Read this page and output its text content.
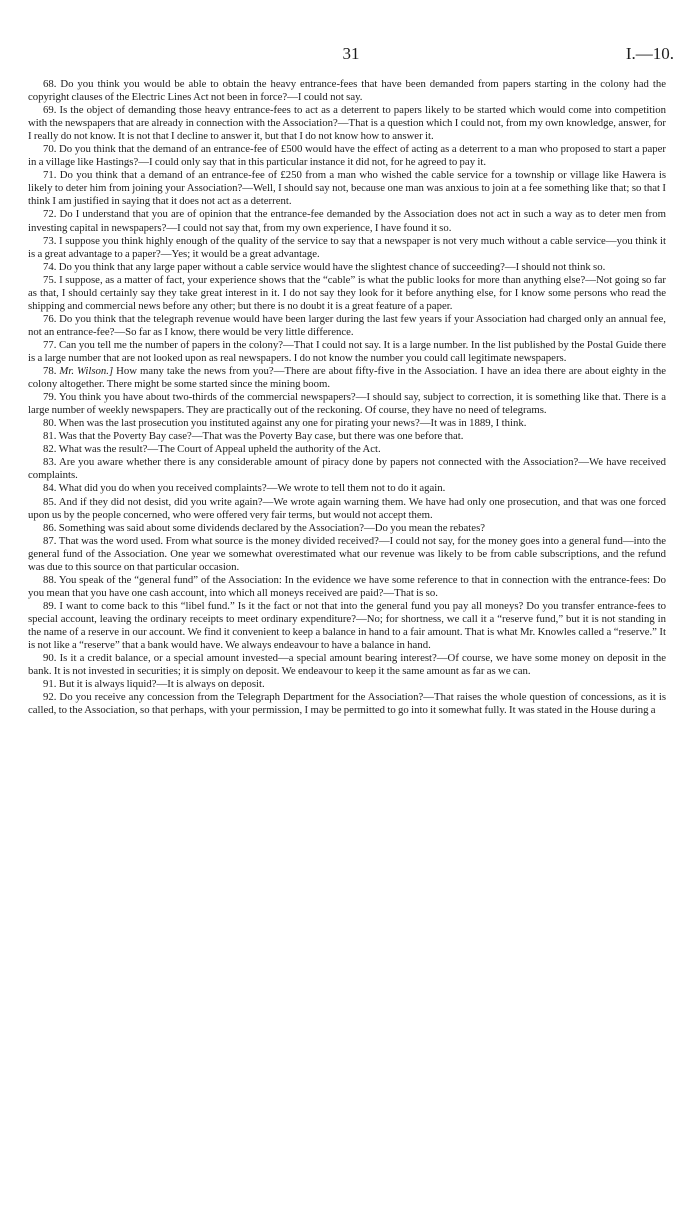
31	I.—10.

68. Do you think you would be able to obtain the heavy entrance-fees that have been demanded from papers starting in the colony had the copyright clauses of the Electric Lines Act not been in force?—I could not say.

69. Is the object of demanding those heavy entrance-fees to act as a deterrent to papers likely to be started which would come into competition with the newspapers that are already in connection with the Association?—That is a question which I could not, from my own knowledge, answer, for I really do not know. It is not that I decline to answer it, but that I do not know how to answer it.

70. Do you think that the demand of an entrance-fee of £500 would have the effect of acting as a deterrent to a man who proposed to start a paper in a village like Hastings?—I could only say that in this particular instance it did not, for he agreed to pay it.

71. Do you think that a demand of an entrance-fee of £250 from a man who wished the cable service for a township or village like Hawera is likely to deter him from joining your Association?—Well, I should say not, because one man was anxious to join at a fee something like that; so that I think I am justified in saying that it does not act as a deterrent.

72. Do I understand that you are of opinion that the entrance-fee demanded by the Association does not act in such a way as to deter men from investing capital in newspapers?—I could not say that, from my own experience, I have found it so.

73. I suppose you think highly enough of the quality of the service to say that a newspaper is not very much without a cable service—you think it is a great advantage to a paper?—Yes; it would be a great advantage.

74. Do you think that any large paper without a cable service would have the slightest chance of succeeding?—I should not think so.

75. I suppose, as a matter of fact, your experience shows that the “cable” is what the public looks for more than anything else?—Not going so far as that, I should certainly say they take great interest in it. I do not say they look for it before anything else, for I know some persons who read the shipping and commercial news before any other; but there is no doubt it is a great feature of a paper.

76. Do you think that the telegraph revenue would have been larger during the last few years if your Association had charged only an annual fee, not an entrance-fee?—So far as I know, there would be very little difference.

77. Can you tell me the number of papers in the colony?—That I could not say. It is a large number. In the list published by the Postal Guide there is a large number that are not looked upon as real newspapers. I do not know the number you could call legitimate newspapers.

78. Mr. Wilson.] How many take the news from you?—There are about fifty-five in the Association. I have an idea there are about eighty in the colony altogether. There might be some started since the mining boom.

79. You think you have about two-thirds of the commercial newspapers?—I should say, subject to correction, it is something like that. There is a large number of weekly newspapers. They are practically out of the reckoning. Of course, they have no need of telegrams.

80. When was the last prosecution you instituted against any one for pirating your news?—It was in 1889, I think.

81. Was that the Poverty Bay case?—That was the Poverty Bay case, but there was one before that.

82. What was the result?—The Court of Appeal upheld the authority of the Act.

83. Are you aware whether there is any considerable amount of piracy done by papers not connected with the Association?—We have received complaints.

84. What did you do when you received complaints?—We wrote to tell them not to do it again.

85. And if they did not desist, did you write again?—We wrote again warning them. We have had only one prosecution, and that was one forced upon us by the people concerned, who were offered very fair terms, but would not accept them.

86. Something was said about some dividends declared by the Association?—Do you mean the rebates?

87. That was the word used. From what source is the money divided received?—I could not say, for the money goes into a general fund—into the general fund of the Association. One year we somewhat overestimated what our revenue was likely to be from cable subscriptions, and the refund was due to this source on that particular occasion.

88. You speak of the “general fund” of the Association: In the evidence we have some reference to that in connection with the entrance-fees: Do you mean that you have one cash account, into which all moneys received are paid?—That is so.

89. I want to come back to this “libel fund.” Is it the fact or not that into the general fund you pay all moneys? Do you transfer entrance-fees to special account, leaving the ordinary receipts to meet ordinary expenditure?—No; for shortness, we call it a “reserve fund,” but it is not standing in the name of a reserve in our account. We find it convenient to keep a balance in hand to a fair amount. That is what Mr. Knowles called a “reserve.” It is not like a “reserve” that a bank would have. We always endeavour to have a balance in hand.

90. Is it a credit balance, or a special amount invested—a special amount bearing interest?—Of course, we have some money on deposit in the bank. It is not invested in securities; it is simply on deposit. We endeavour to keep it the same amount as far as we can.

91. But it is always liquid?—It is always on deposit.

92. Do you receive any concession from the Telegraph Department for the Association?—That raises the whole question of concessions, as it is called, to the Association, so that perhaps, with your permission, I may be permitted to go into it somewhat fully. It was stated in the House during a
